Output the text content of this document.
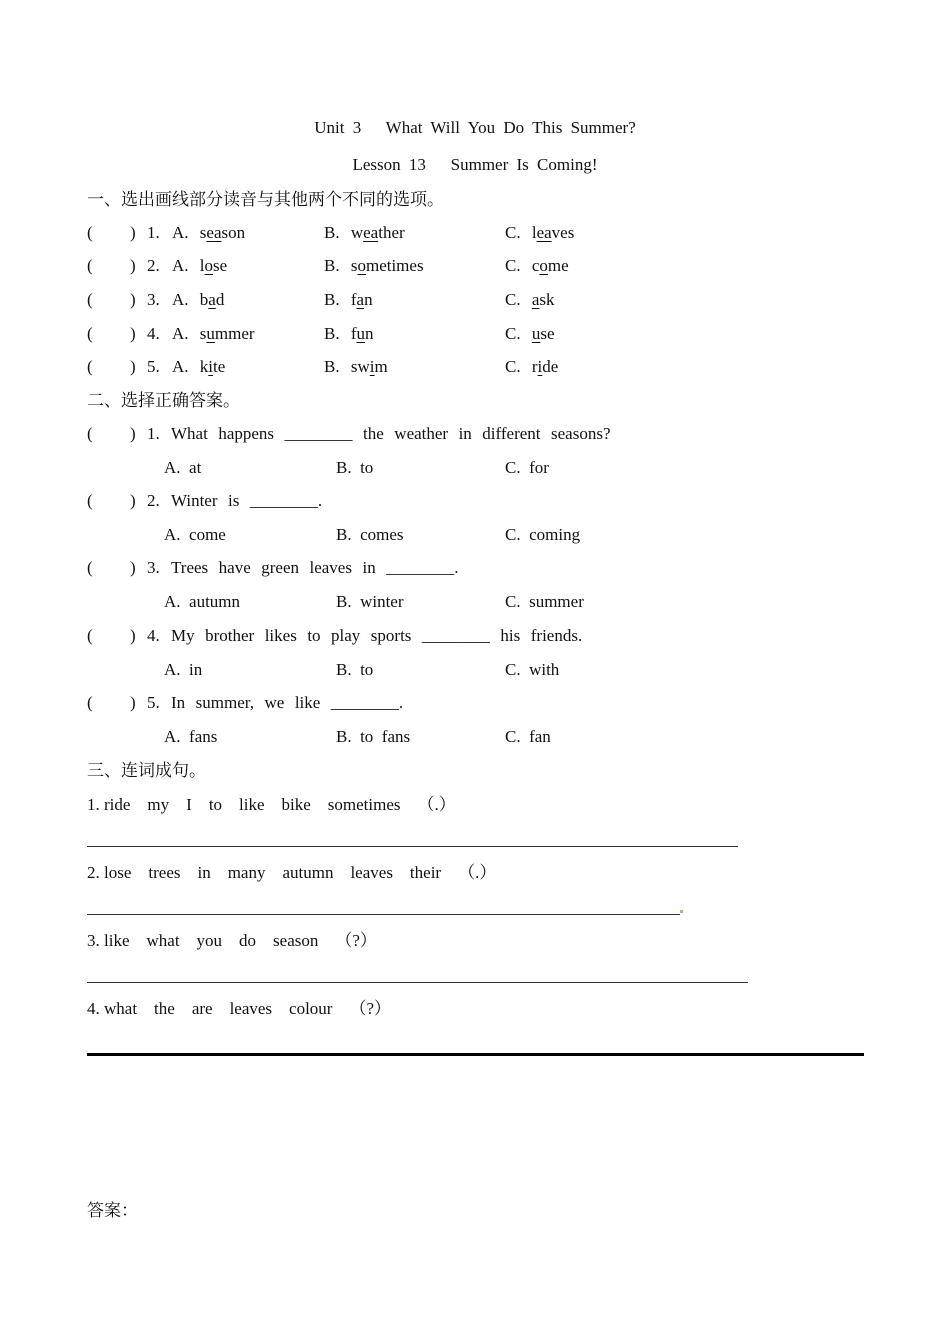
Unit 3   What Will You Do This Summer?
Lesson 13   Summer Is Coming!
一、选出画线部分读音与其他两个不同的选项。
二、选择正确答案。
三、连词成句。
答案：
( ) 1. A. season	B. weather	C. leaves
( ) 2. A. lose	B. sometimes	C. come
( ) 3. A. bad	B. fan	C. ask
( ) 4. A. summer	B. fun	C. use
( ) 5. A. kite	B. swim	C. ride
( ) 1. What  happens  ________  the  weather  in  different  seasons?
A.  at	B.  to	C.  for
( ) 2. Winter  is  ________.
A.  come	B.  comes	C.  coming
( ) 3. Trees  have  green  leaves  in  ________.
A.  autumn	B.  winter	C.  summer
( ) 4. My  brother  likes  to  play  sports  ________  his  friends.
A.  in	B.  to	C.  with
( ) 5. In  summer,  we  like  ________.
A.  fans	B.  to  fans	C.  fan
1. ride    my    I    to    like    bike    sometimes    （.）
2. lose    trees    in    many    autumn    leaves    their    （.）
3. like    what    you    do    season    （?）
4. what    the    are    leaves    colour    （?）
